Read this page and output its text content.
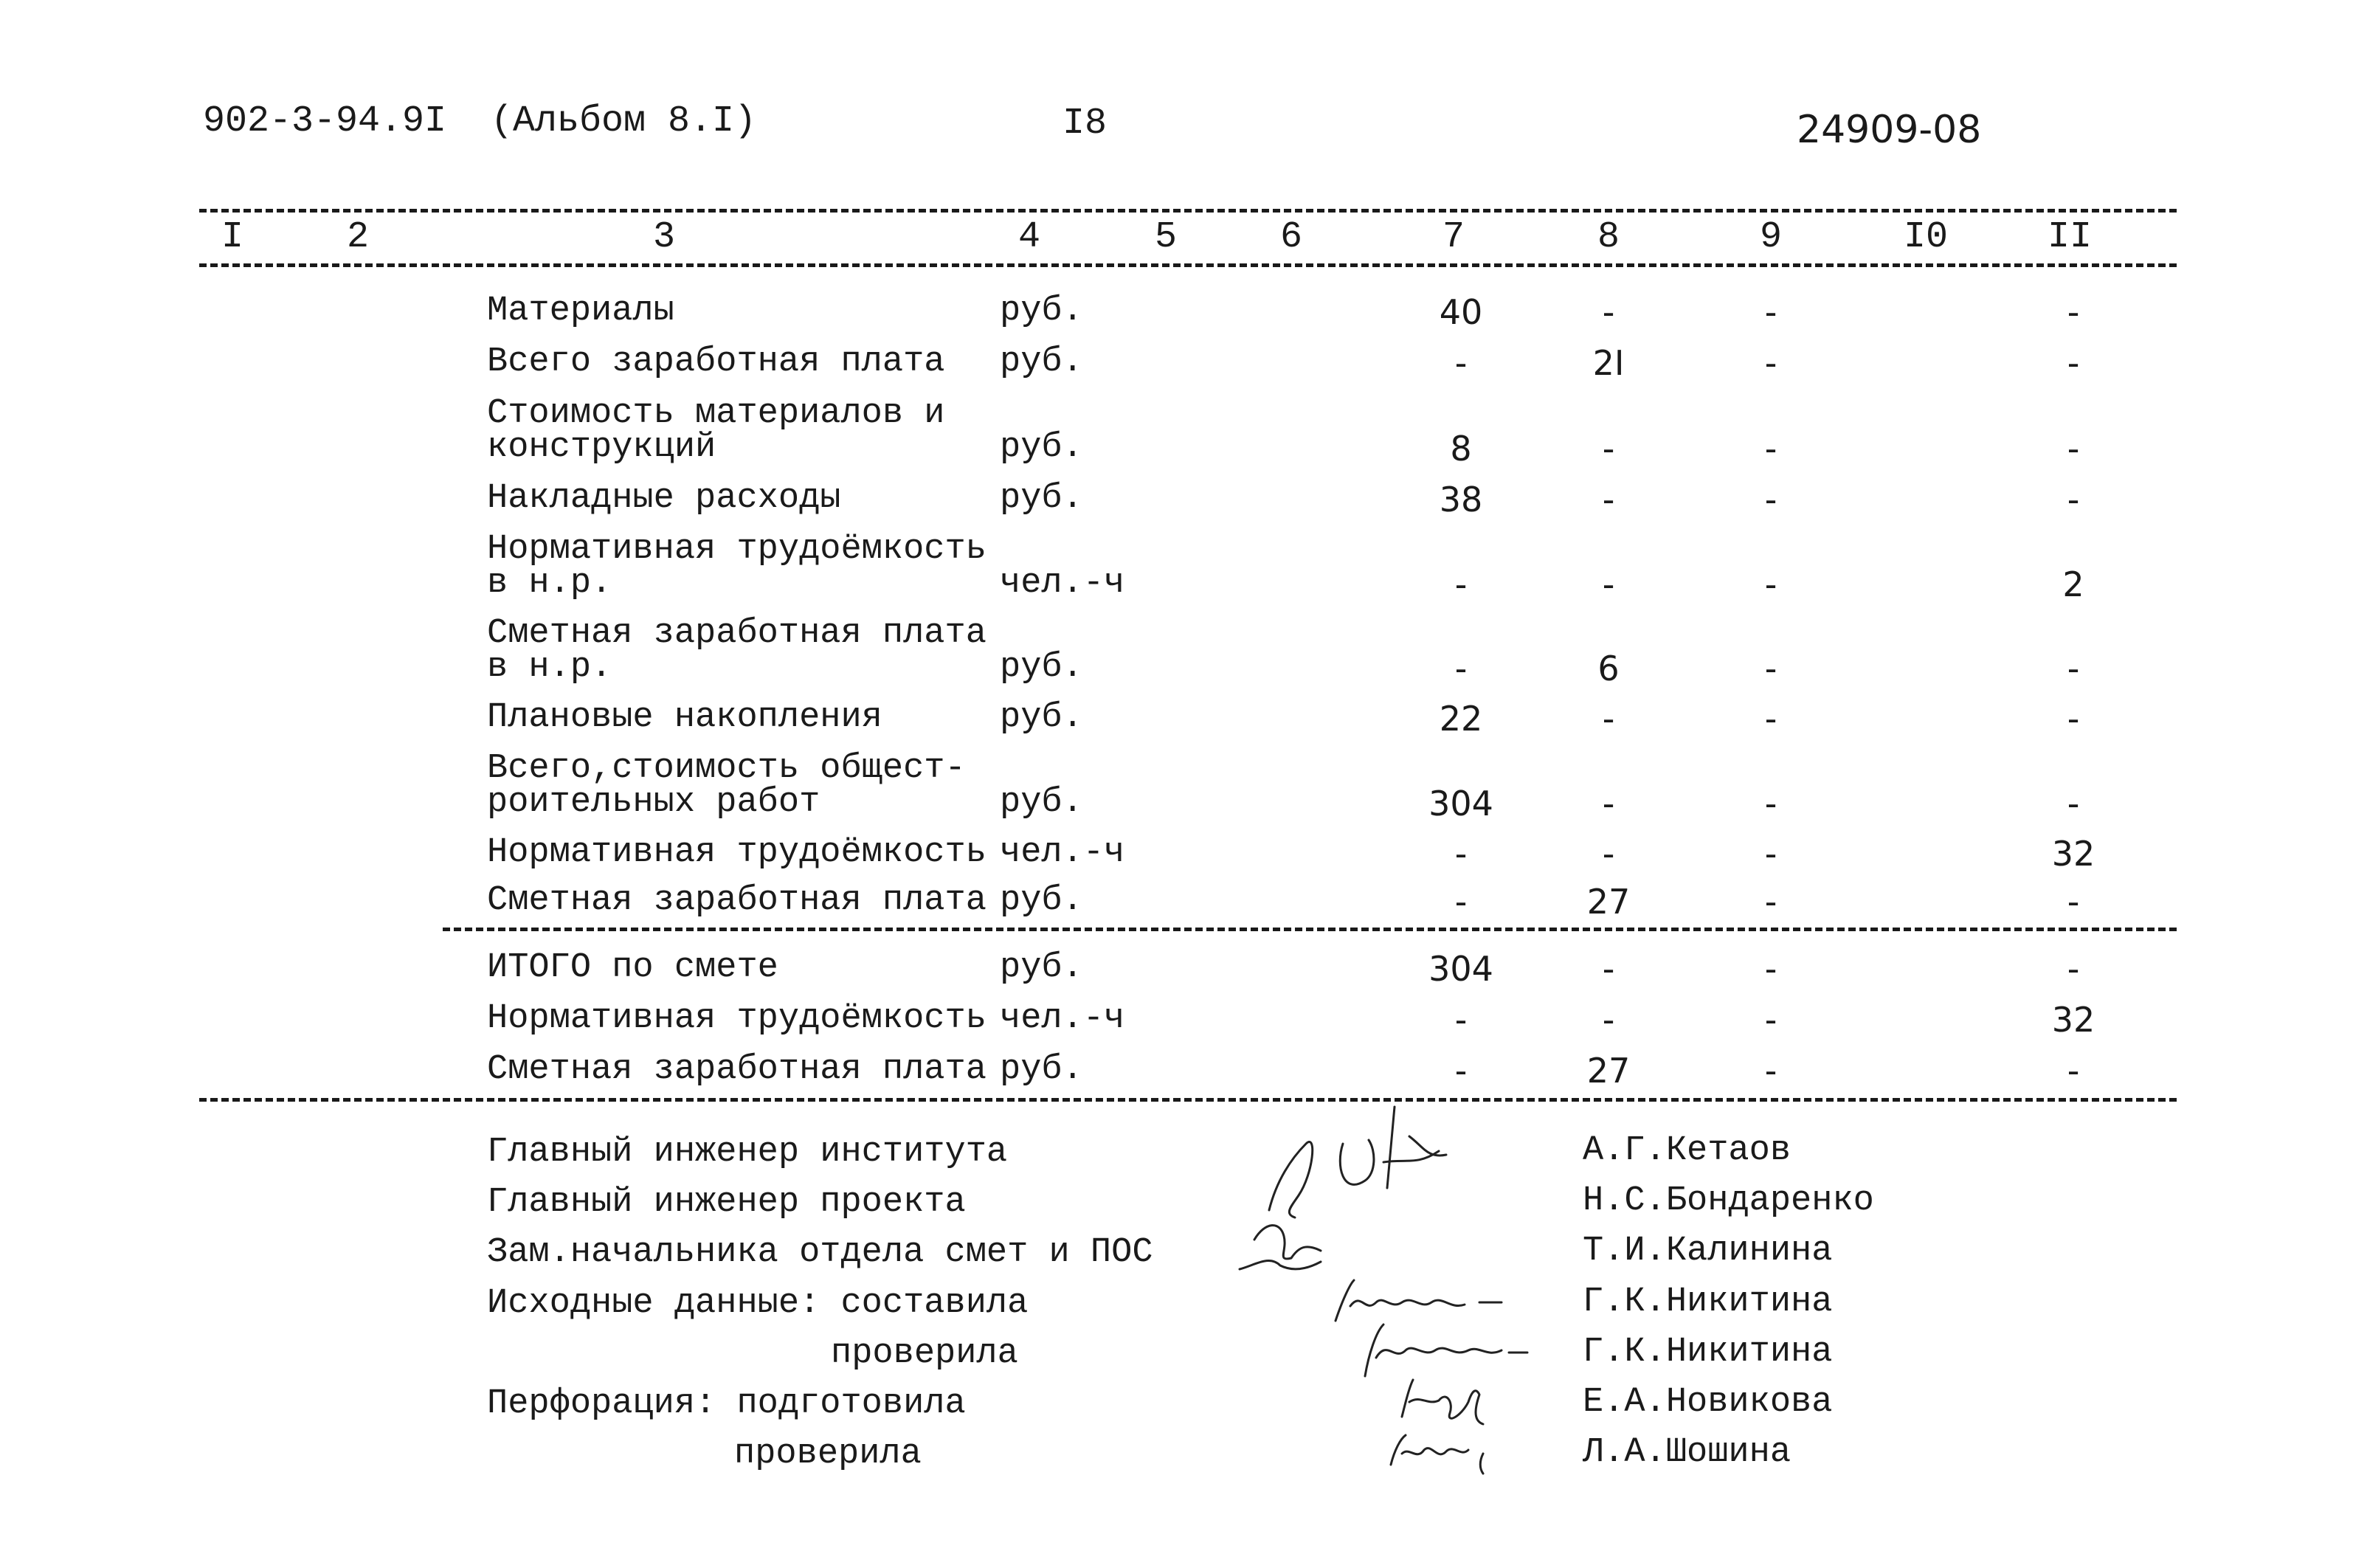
902-3-94.9I (Альбом 8.I)	I8	24909-08
I	2	3	4	5	6	7	8	9	I0	II
Материалы	руб.	40	-	-	-
Всего заработная плата руб.	-	2I	-	-
Стоимость материалов и
конструкций	руб.	8	-	-	-
Накладные расходы	руб.	38	-	-	-
Нормативная трудоёмкость
в н.р.	чел.-ч	-	-	-	2
Сметная заработная плата
в н.р.	руб.	-	6	-	-
Плановые накопления	руб.	22	-	-	-
Всего,стоимость общест-
роительных работ	руб.	304	-	-	-
Нормативная трудоёмкость чел.-ч	-	-	-	32
Сметная заработная плата руб.	-	27	-	-
ИТОГО по смете	руб.	304	-	-	-
Нормативная трудоёмкость чел.-ч	-	-	-	32
Сметная заработная плата руб.	-	27	-	-
Главный инженер института	А.Г.Кетаов
Главный инженер проекта	Н.С.Бондаренко
Зам.начальника отдела смет и ПОС	Т.И.Калинина
Исходные данные: составила	Г.К.Никитина
проверила	Г.К.Никитина
Перфорация: подготовила	Е.А.Новикова
проверила	Л.А.Шошина
